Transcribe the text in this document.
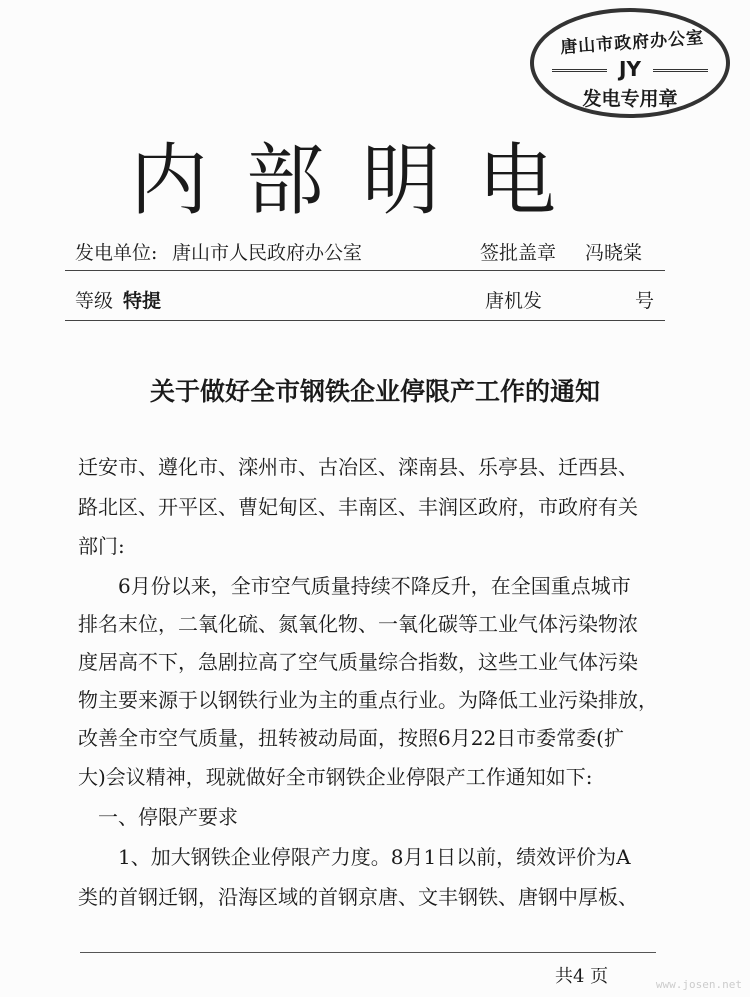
唐山市政府办公室
JY
发电专用章
内部明电
发电单位: 唐山市人民政府办公室	签批盖章 冯晓棠
等级 特提	唐机发	号
关于做好全市钢铁企业停限产工作的通知
迁安市、遵化市、滦州市、古冶区、滦南县、乐亭县、迁西县、
路北区、开平区、曹妃甸区、丰南区、丰润区政府，市政府有关
部门:
　　6月份以来，全市空气质量持续不降反升，在全国重点城市
排名末位，二氧化硫、氮氧化物、一氧化碳等工业气体污染物浓
度居高不下，急剧拉高了空气质量综合指数，这些工业气体污染
物主要来源于以钢铁行业为主的重点行业。为降低工业污染排放，
改善全市空气质量，扭转被动局面，按照6月22日市委常委(扩
大)会议精神，现就做好全市钢铁企业停限产工作通知如下:
　一、停限产要求
　　1、加大钢铁企业停限产力度。8月1日以前，绩效评价为A
类的首钢迁钢，沿海区域的首钢京唐、文丰钢铁、唐钢中厚板、
共4 页	www.josen.net
